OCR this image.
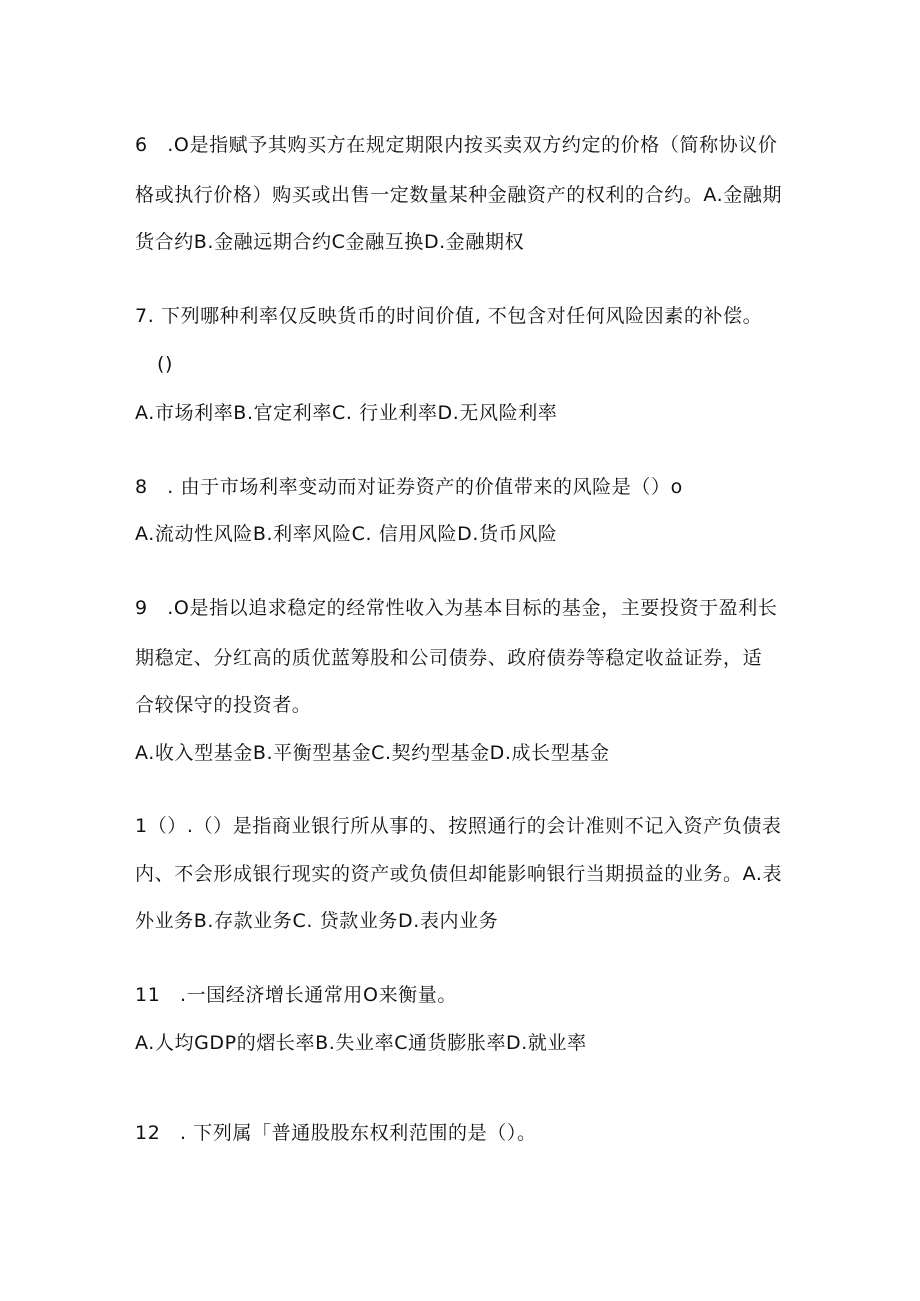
6　.O是指赋予其购买方在规定期限内按买卖双方约定的价格（简称协议价
格或执行价格）购买或出售一定数量某种金融资产的权利的合约。A.金融期
货合约B.金融远期合约C金融互换D.金融期权
7. 下列哪种利率仅反映货币的时间价值, 不包含对任何风险因素的补偿。
()
A.市场利率B.官定利率C. 行业利率D.无风险利率
8　. 由于市场利率变动而对证券资产的价值带来的风险是（）o
A.流动性风险B.利率风险C. 信用风险D.货币风险
9　.O是指以追求稳定的经常性收入为基本目标的基金，主要投资于盈利长
期稳定、分红高的质优蓝筹股和公司债券、政府债券等稳定收益证券，适
合较保守的投资者。
A.收入型基金B.平衡型基金C.契约型基金D.成长型基金
1（）.（）是指商业银行所从事的、按照通行的会计准则不记入资产负债表
内、不会形成银行现实的资产或负债但却能影响银行当期损益的业务。A.表
外业务B.存款业务C. 贷款业务D.表内业务
11　.一国经济增长通常用O来衡量。
A.人均GDP的熠长率B.失业率C通货膨胀率D.就业率
12　. 下列属「普通股股东权利范围的是（）。
